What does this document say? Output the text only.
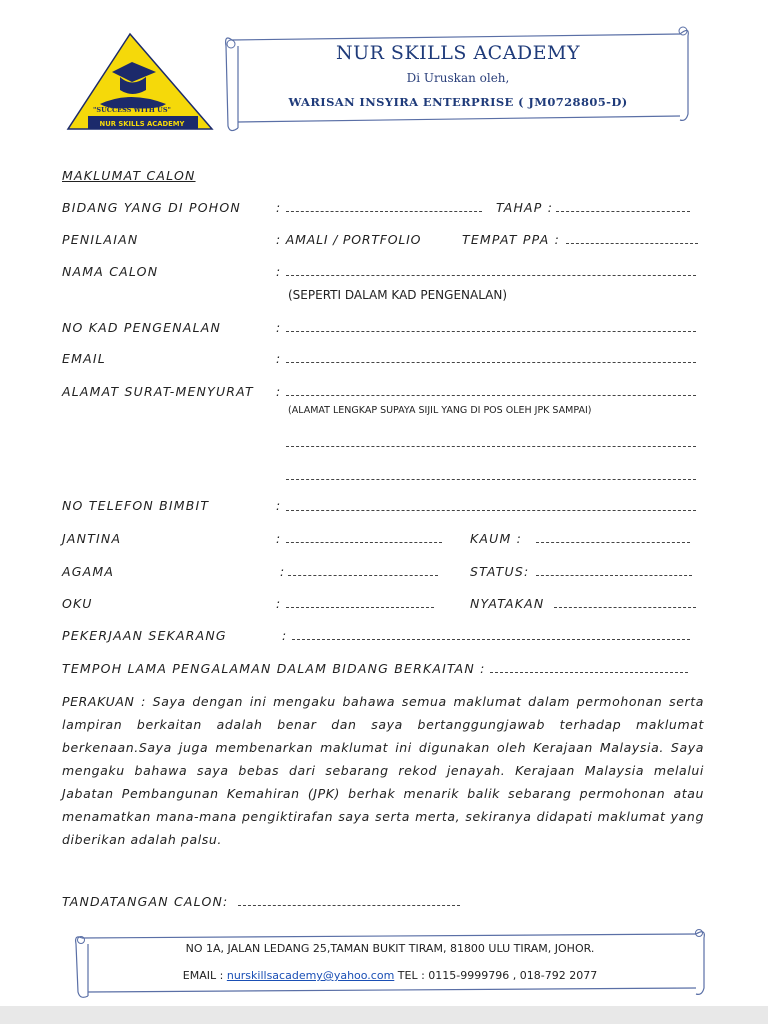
"SUCCESS WITH US"
NUR SKILLS ACADEMY
NUR SKILLS ACADEMY
Di Uruskan oleh,
WARISAN INSYIRA ENTERPRISE ( JM0728805-D)
MAKLUMAT CALON
BIDANG YANG DI POHON	:	TAHAP :
PENILAIAN	: AMALI / PORTFOLIO	TEMPAT PPA :
NAMA CALON	:
(SEPERTI DALAM KAD PENGENALAN)
NO KAD PENGENALAN	:
EMAIL	:
ALAMAT SURAT-MENYURAT :
(ALAMAT LENGKAP SUPAYA SIJIL YANG DI POS OLEH JPK SAMPAI)
NO TELEFON BIMBIT	:
JANTINA	:	KAUM :
AGAMA	:	STATUS:
OKU	:	NYATAKAN
PEKERJAAN SEKARANG	:
TEMPOH LAMA PENGALAMAN DALAM BIDANG BERKAITAN :
PERAKUAN : Saya dengan ini mengaku bahawa semua maklumat dalam permohonan serta lampiran berkaitan adalah benar dan saya bertanggungjawab terhadap maklumat berkenaan.Saya juga membenarkan maklumat ini digunakan oleh Kerajaan Malaysia. Saya mengaku bahawa saya bebas dari sebarang rekod jenayah. Kerajaan Malaysia melalui Jabatan Pembangunan Kemahiran (JPK) berhak menarik balik sebarang permohonan atau menamatkan mana-mana pengiktirafan saya serta merta, sekiranya didapati maklumat yang diberikan adalah palsu.
TANDATANGAN CALON:
NO 1A, JALAN LEDANG 25,TAMAN BUKIT TIRAM, 81800 ULU TIRAM, JOHOR.
EMAIL : nurskillsacademy@yahoo.com TEL : 0115-9999796 , 018-792 2077
